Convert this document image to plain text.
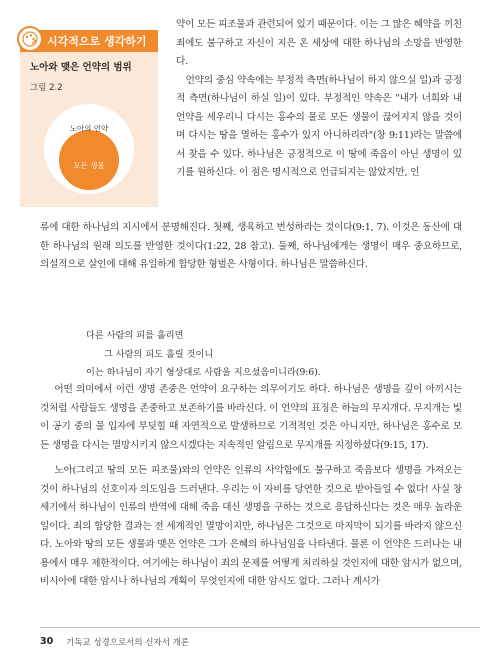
시각적으로 생각하기
노아와 맺은 언약의 범위
그림 2.2
노아의 언약
모든 생물

약이 모든 피조물과 관련되어 있기 때문이다. 이는 그 많은 혜약을 끼친 죄에도 불구하고 자신이 지은 온 세상에 대한 하나님의 소망을 반영한다.

언약의 중심 약속에는 부정적 측면(하나님이 하지 않으실 일)과 긍정적 측면(하나님이 하실 일)이 있다. 부정적인 약속은 "내가 너희와 내 언약을 세우리니 다시는 홍수의 물로 모든 생물이 끊어지지 않을 것이며 다시는 땅을 멸하는 홍수가 있지 아니하리라"(창 9:11)라는 말씀에서 찾을 수 있다. 하나님은 긍정적으로 이 땅에 죽음이 아닌 생명이 있기를 원하신다. 이 점은 명시적으로 언급되지는 않았지만, 인

류에 대한 하나님의 지시에서 분명해진다. 첫째, 생육하고 번성하라는 것이다(9:1, 7). 이것은 동산에 대한 하나님의 원래 의도를 반영한 것이다(1:22, 28 참고). 둘째, 하나님에게는 생명이 매우 중요하므로, 의설적으로 살인에 대해 유일하게 합당한 형벌은 사형이다. 하나님은 말씀하신다.
다른 사람의 피를 흘리면
그 사람의 피도 흘릴 것이니
이는 하나님이 자기 형상대로 사람을 지으셨음이니라(9:6).
어떤 의미에서 이런 생명 존중은 언약이 요구하는 의무이기도 하다. 하나님은 생명을 깊이 아끼시는 것처럼 사람들도 생명을 존중하고 보존하기를 바라신다. 이 언약의 표징은 하늘의 무지개다. 무지개는 빛이 공기 중의 물 입자에 부딪힐 때 자연적으로 발생하므로 기적적인 것은 아니지만, 하나님은 홍수로 모든 생명을 다시는 멸망시키지 않으시겠다는 지속적인 알림으로 무지개를 지정하셨다(9:15, 17).
노아(그리고 땅의 모든 피조물)와의 언약은 인류의 사악함에도 불구하고 죽음보다 생명을 가져오는 것이 하나님의 선호이자 의도임을 드러낸다. 우리는 이 자비를 당연한 것으로 받아들일 수 없다! 사실 창세기에서 하나님이 인류의 반역에 대해 죽음 대신 생명을 구하는 것으로 응답하신다는 것은 매우 놀라운 일이다. 죄의 합당한 결과는 전 세계적인 멸망이지만, 하나님은 그것으로 마지막이 되기를 바라지 않으신다. 노아와 땅의 모든 생물과 맺은 언약은 그가 은혜의 하나님임을 나타낸다. 물론 이 언약은 드러나는 내용에서 매우 제한적이다. 여기에는 하나님이 죄의 문제를 어떻게 처리하실 것인지에 대한 암시가 없으며, 비시아에 대한 암시나 하나님의 계획이 무엇인지에 대한 암시도 없다. 그러나 계시가
30 기독교 성경으로서의 신자서 개론
